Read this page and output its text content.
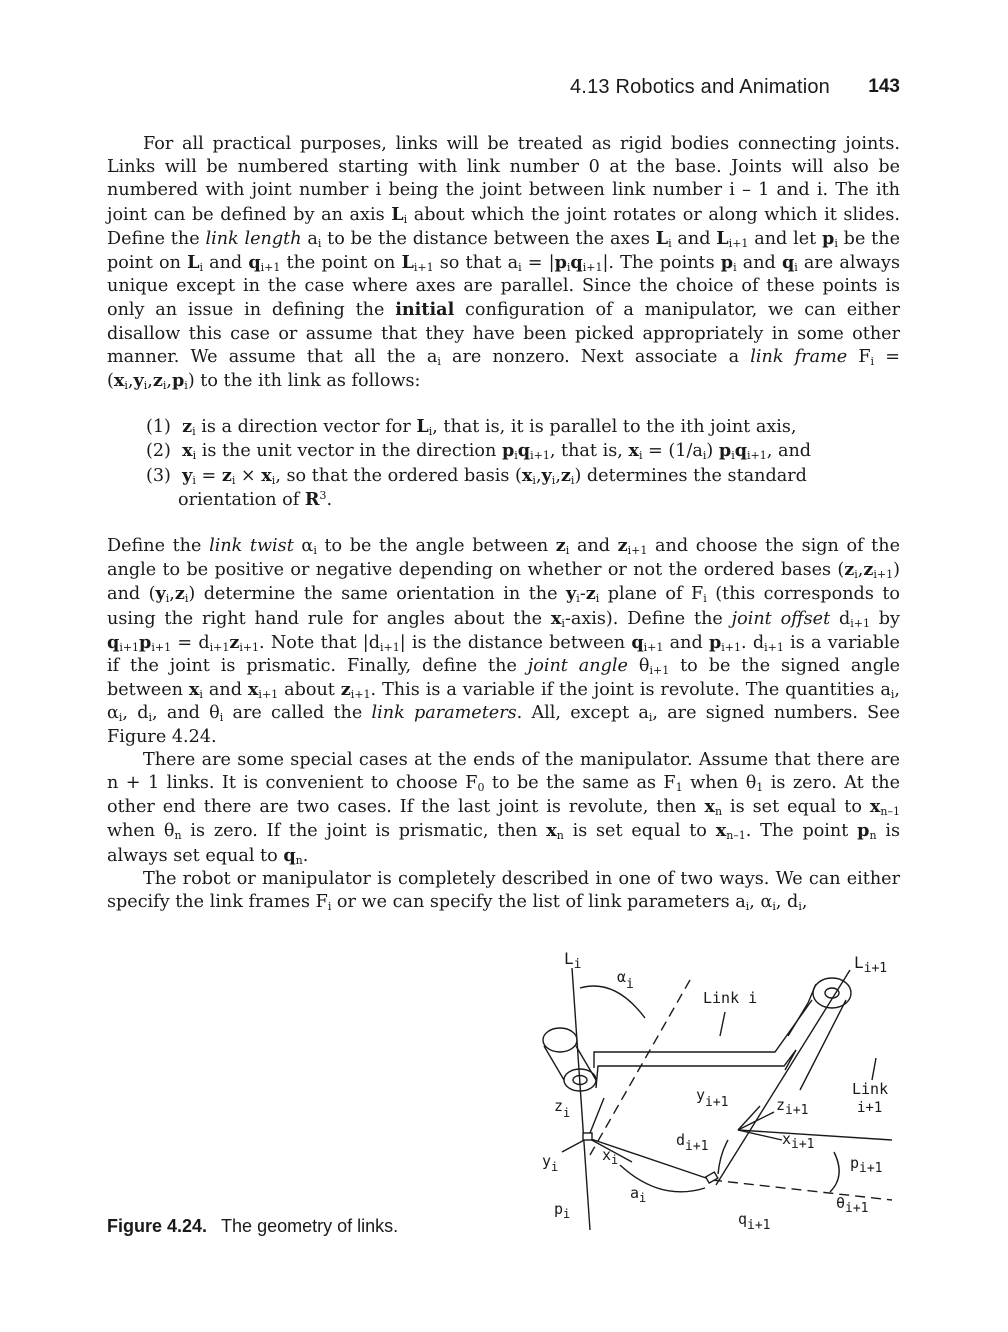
4.13 Robotics and Animation 143

For all practical purposes, links will be treated as rigid bodies connecting joints. Links will be numbered starting with link number 0 at the base. Joints will also be numbered with joint number i being the joint between link number i – 1 and i. The ith joint can be defined by an axis $L_i$ about which the joint rotates or along which it slides. Define the link length $a_i$ to be the distance between the axes $L_i$ and $L_{i+1}$ and let $p_i$ be the point on $L_i$ and $q_{i+1}$ the point on $L_{i+1}$ so that $a_i = |p_iq_{i+1}|$. The points $p_i$ and $q_i$ are always unique except in the case where axes are parallel. Since the choice of these points is only an issue in defining the initial configuration of a manipulator, we can either disallow this case or assume that they have been picked appropriately in some other manner. We assume that all the $a_i$ are nonzero. Next associate a link frame $F_i = (x_i,y_i,z_i,p_i)$ to the ith link as follows:

(1)  $z_i$ is a direction vector for $L_i$, that is, it is parallel to the ith joint axis,
(2)  $x_i$ is the unit vector in the direction $p_iq_{i+1}$, that is, $x_i = (1/a_i)$ $p_iq_{i+1}$, and
(3)  $y_i = z_i \times x_i$, so that the ordered basis $(x_i,y_i,z_i)$ determines the standard orientation of $R^3$.

Define the link twist $\alpha_i$ to be the angle between $z_i$ and $z_{i+1}$ and choose the sign of the angle to be positive or negative depending on whether or not the ordered bases $(z_i,z_{i+1})$ and $(y_i,z_i)$ determine the same orientation in the $y_i-z_i$ plane of $F_i$ (this corresponds to using the right hand rule for angles about the $x_i-axis$). Define the joint offset $d_{i+1}$ by $q_{i+1}p_{i+1} = d_{i+1}z_{i+1}$. Note that $|d_{i+1}|$ is the distance between $q_{i+1}$ and $p_{i+1}$. $d_{i+1}$ is a variable if the joint is prismatic. Finally, define the joint angle $\theta_{i+1}$ to be the signed angle between $x_i$ and $x_{i+1}$ about $z_{i+1}$. This is a variable if the joint is revolute. The quantities $a_i$, $\alpha_i$, $d_i$, and $\theta_i$ are called the link parameters. All, except $a_i$, are signed numbers. See Figure 4.24.

There are some special cases at the ends of the manipulator. Assume that there are n + 1 links. It is convenient to choose $F_0$ to be the same as $F_1$ when $\theta_1$ is zero. At the other end there are two cases. If the last joint is revolute, then $x_n$ is set equal to $x_{n-1}$ when $\theta_n$ is zero. If the joint is prismatic, then $x_n$ is set equal to $x_{n-1}$. The point $p_n$ is always set equal to $q_n$.

The robot or manipulator is completely described in one of two ways. We can either specify the link frames $F_i$ or we can specify the list of link parameters $a_i$, $\alpha_i$, $d_i$,

$L_i$	$L_{i+1}$
αi
Link i
Link
i+1
$z_i$
yi+1	zi+1
di+1	xi+1
$y_i$
$x_i$	pi+1
$a_i$	θi+1
$p_i$	qi+1
Figure 4.24. The geometry of links.
